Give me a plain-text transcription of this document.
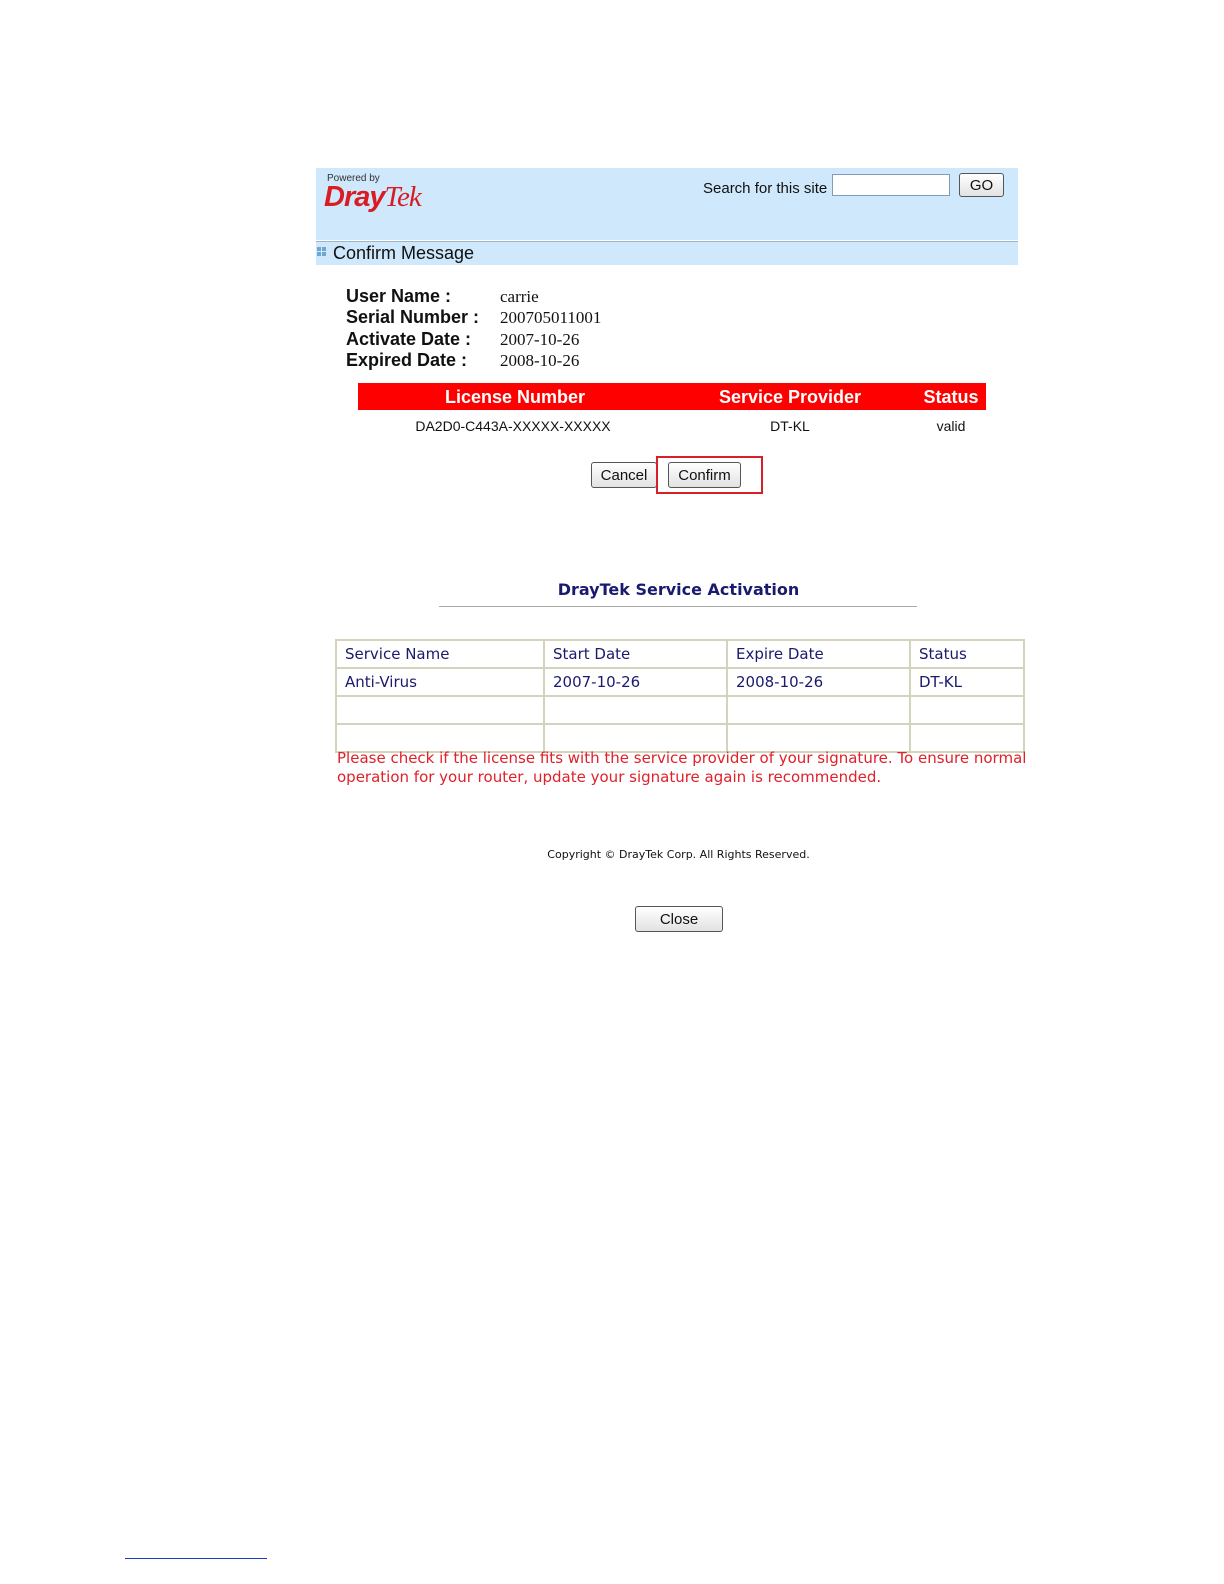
Powered by
DrayTek	Search for this site	GO
Confirm Message
User Name :	carrie
Serial Number : 200705011001
Activate Date : 2007-10-26
Expired Date : 2008-10-26
License Number	Service Provider	Status
DA2D0-C443A-XXXXX-XXXXX	DT-KL	valid
Cancel	Confirm
DrayTek Service Activation
Service Name	Start Date	Expire Date	Status
Anti-Virus	2007-10-26	2008-10-26	DT-KL

Please check if the license fits with the service provider of your signature. To ensure normal operation for your router, update your signature again is recommended.
Copyright © DrayTek Corp. All Rights Reserved.
Close
